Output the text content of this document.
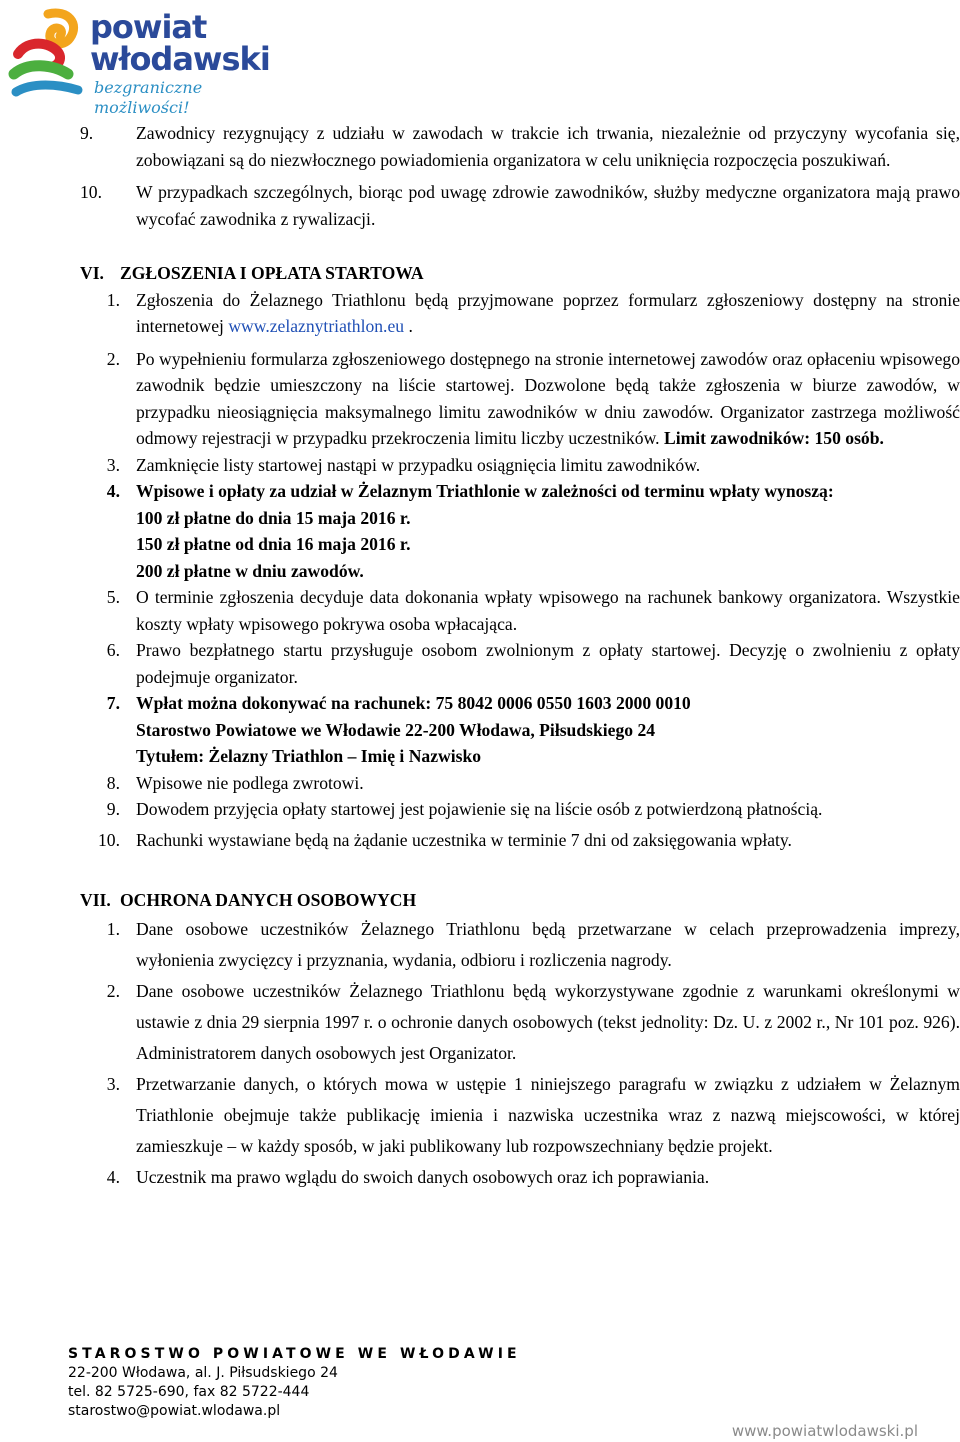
powiat
włodawski
bezgraniczne możliwości!
9.	Zawodnicy rezygnujący z udziału w zawodach w trakcie ich trwania, niezależnie od przyczyny wycofania się, zobowiązani są do niezwłocznego powiadomienia organizatora w celu uniknięcia rozpoczęcia poszukiwań.
10.	W przypadkach szczególnych, biorąc pod uwagę zdrowie zawodników, służby medyczne organizatora mają prawo wycofać zawodnika z rywalizacji.
VI. ZGŁOSZENIA I OPŁATA STARTOWA
1. Zgłoszenia do Żelaznego Triathlonu będą przyjmowane poprzez formularz zgłoszeniowy dostępny na stronie internetowej www.zelaznytriathlon.eu .
2. Po wypełnieniu formularza zgłoszeniowego dostępnego na stronie internetowej zawodów oraz opłaceniu wpisowego zawodnik będzie umieszczony na liście startowej. Dozwolone będą także zgłoszenia w biurze zawodów, w przypadku nieosiągnięcia maksymalnego limitu zawodników w dniu zawodów. Organizator zastrzega możliwość odmowy rejestracji w przypadku przekroczenia limitu liczby uczestników. Limit zawodników: 150 osób.
3. Zamknięcie listy startowej nastąpi w przypadku osiągnięcia limitu zawodników.
4. Wpisowe i opłaty za udział w Żelaznym Triathlonie w zależności od terminu wpłaty wynoszą:
100 zł płatne do dnia 15 maja 2016 r.
150 zł płatne od dnia 16 maja 2016 r.
200 zł płatne w dniu zawodów.
5. O terminie zgłoszenia decyduje data dokonania wpłaty wpisowego na rachunek bankowy organizatora. Wszystkie koszty wpłaty wpisowego pokrywa osoba wpłacająca.
6. Prawo bezpłatnego startu przysługuje osobom zwolnionym z opłaty startowej. Decyzję o zwolnieniu z opłaty podejmuje organizator.
7. Wpłat można dokonywać na rachunek: 75 8042 0006 0550 1603 2000 0010
Starostwo Powiatowe we Włodawie 22-200 Włodawa, Piłsudskiego 24
Tytułem: Żelazny Triathlon – Imię i Nazwisko
8. Wpisowe nie podlega zwrotowi.
9. Dowodem przyjęcia opłaty startowej jest pojawienie się na liście osób z potwierdzoną płatnością.
10. Rachunki wystawiane będą na żądanie uczestnika w terminie 7 dni od zaksięgowania wpłaty.
VII. OCHRONA DANYCH OSOBOWYCH
1. Dane osobowe uczestników Żelaznego Triathlonu będą przetwarzane w celach przeprowadzenia imprezy, wyłonienia zwycięzcy i przyznania, wydania, odbioru i rozliczenia nagrody.
2. Dane osobowe uczestników Żelaznego Triathlonu będą wykorzystywane zgodnie z warunkami określonymi w ustawie z dnia 29 sierpnia 1997 r. o ochronie danych osobowych (tekst jednolity: Dz. U. z 2002 r., Nr 101 poz. 926). Administratorem danych osobowych jest Organizator.
3. Przetwarzanie danych, o których mowa w ustępie 1 niniejszego paragrafu w związku z udziałem w Żelaznym Triathlonie obejmuje także publikację imienia i nazwiska uczestnika wraz z nazwą miejscowości, w której zamieszkuje – w każdy sposób, w jaki publikowany lub rozpowszechniany będzie projekt.
4. Uczestnik ma prawo wglądu do swoich danych osobowych oraz ich poprawiania.
STAROSTWO POWIATOWE WE WŁODAWIE
22-200 Włodawa, al. J. Piłsudskiego 24
tel. 82 5725-690, fax 82 5722-444
starostwo@powiat.wlodawa.pl
www.powiatwlodawski.pl
